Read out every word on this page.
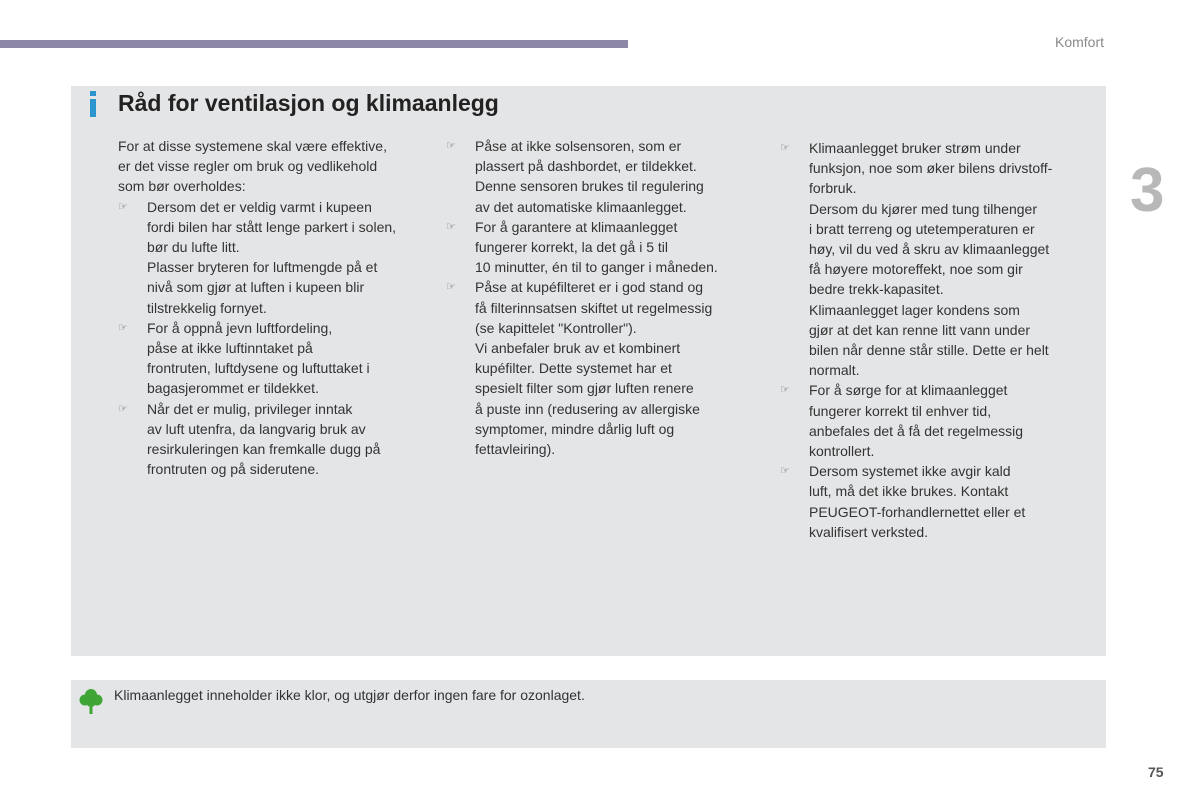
Komfort
3
Råd for ventilasjon og klimaanlegg

For at disse systemene skal være effektive,

er det visse regler om bruk og vedlikehold

som bør overholdes:

☞	Dersom det er veldig varmt i kupeen

fordi bilen har stått lenge parkert i solen,

bør du lufte litt.

Plasser bryteren for luftmengde på et

nivå som gjør at luften i kupeen blir

tilstrekkelig fornyet.

☞	For å oppnå jevn luftfordeling,

påse at ikke luftinntaket på

frontruten, luftdysene og luftuttaket i

bagasjerommet er tildekket.

☞	Når det er mulig, privileger inntak

av luft utenfra, da langvarig bruk av

resirkuleringen kan fremkalle dugg på

frontruten og på siderutene.

☞	Påse at ikke solsensoren, som er

plassert på dashbordet, er tildekket.

Denne sensoren brukes til regulering

av det automatiske klimaanlegget.

☞	For å garantere at klimaanlegget

fungerer korrekt, la det gå i 5 til

10 minutter, én til to ganger i måneden.

☞	Påse at kupéfilteret er i god stand og

få filterinnsatsen skiftet ut regelmessig

(se kapittelet "Kontroller").

Vi anbefaler bruk av et kombinert

kupéfilter. Dette systemet har et

spesielt filter som gjør luften renere

å puste inn (redusering av allergiske

symptomer, mindre dårlig luft og

fettavleiring).

☞	Klimaanlegget bruker strøm under

funksjon, noe som øker bilens drivstoff-

forbruk.

Dersom du kjører med tung tilhenger

i bratt terreng og utetemperaturen er

høy, vil du ved å skru av klimaanlegget

få høyere motoreffekt, noe som gir

bedre trekk-kapasitet.

Klimaanlegget lager kondens som

gjør at det kan renne litt vann under

bilen når denne står stille. Dette er helt

normalt.

☞	For å sørge for at klimaanlegget

fungerer korrekt til enhver tid,

anbefales det å få det regelmessig

kontrollert.

☞	Dersom systemet ikke avgir kald

luft, må det ikke brukes. Kontakt

PEUGEOT-forhandlernettet eller et

kvalifisert verksted.

Klimaanlegget inneholder ikke klor, og utgjør derfor ingen fare for ozonlaget.
75
